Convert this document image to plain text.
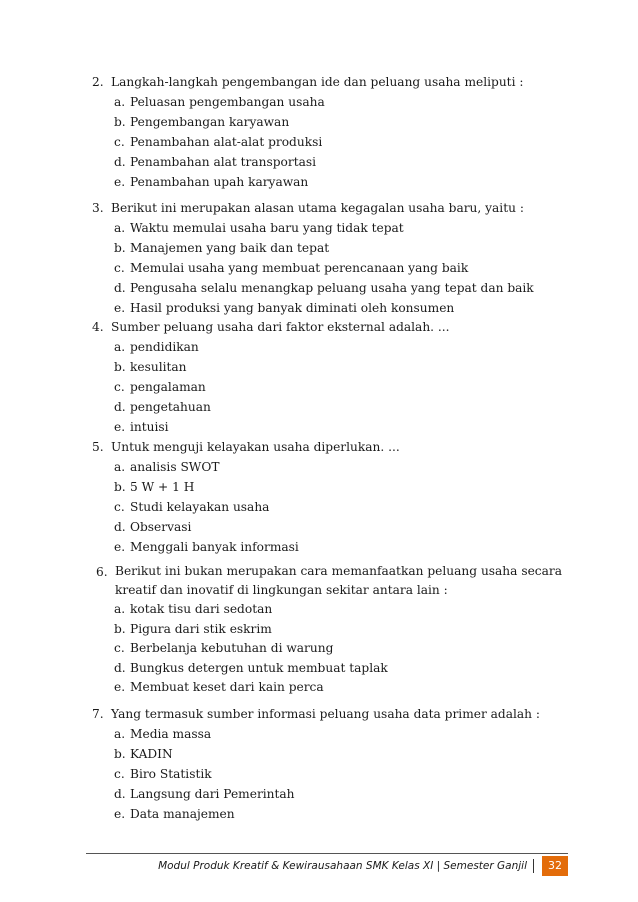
2. Langkah-langkah pengembangan ide dan peluang usaha meliputi :
a. Peluasan pengembangan usaha
b. Pengembangan karyawan
c. Penambahan alat-alat produksi
d. Penambahan alat transportasi
e. Penambahan upah karyawan
3. Berikut ini merupakan alasan utama kegagalan usaha baru, yaitu :
a. Waktu memulai usaha baru yang tidak tepat
b. Manajemen yang baik dan tepat
c. Memulai usaha yang membuat perencanaan yang baik
d. Pengusaha selalu menangkap peluang usaha yang tepat dan baik
e. Hasil produksi yang banyak diminati oleh konsumen
4. Sumber peluang usaha dari faktor eksternal adalah. ...
a. pendidikan
b. kesulitan
c. pengalaman
d. pengetahuan
e. intuisi
5. Untuk menguji kelayakan usaha diperlukan. ...
a. analisis SWOT
b. 5 W + 1 H
c. Studi kelayakan usaha
d. Observasi
e. Menggali banyak informasi
6. Berikut ini bukan merupakan cara memanfaatkan peluang usaha secara kreatif dan inovatif di lingkungan sekitar antara lain :
a. kotak tisu dari sedotan
b. Pigura dari stik eskrim
c. Berbelanja kebutuhan di warung
d. Bungkus detergen untuk membuat taplak
e. Membuat keset dari kain perca
7. Yang termasuk sumber informasi peluang usaha data primer adalah :
a. Media massa
b. KADIN
c. Biro Statistik
d. Langsung dari Pemerintah
e. Data manajemen
Modul Produk Kreatif & Kewirausahaan SMK Kelas XI | Semester Ganjil	32
